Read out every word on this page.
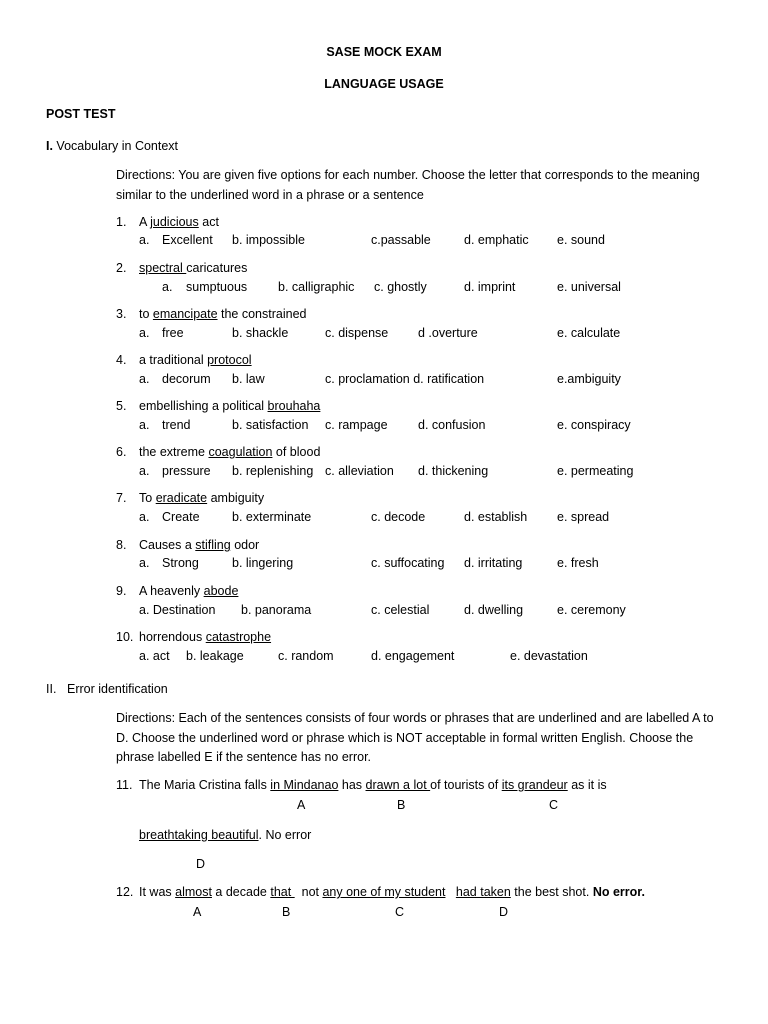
SASE MOCK EXAM
LANGUAGE USAGE
POST TEST
I. Vocabulary in Context
Directions: You are given five options for each number. Choose the letter that corresponds to the meaning similar to the underlined word in a phrase or a sentence
1. A judicious act
a. Excellent b. impossible	c.passable	d. emphatic e. sound
2. spectral caricatures
a. sumptuous b. calligraphic c. ghostly	d. imprint	e. universal
3. to emancipate the constrained
a. free	b. shackle	c. dispense d .overture	e. calculate
4. a traditional protocol
a. decorum b. law	c. proclamation d. ratification	e.ambiguity
5. embellishing a political brouhaha
a. trend	b. satisfaction c. rampage d. confusion	e. conspiracy
6. the extreme coagulation of blood
a. pressure b. replenishing c. alleviation d. thickening	e. permeating
7. To eradicate ambiguity
a. Create	b. exterminate	c. decode	d. establish e. spread
8. Causes a stifling odor
a. Strong	b. lingering	c. suffocating d. irritating	e. fresh
9. A heavenly abode
a. Destination b. panorama	c. celestial	d. dwelling	e. ceremony
10. horrendous catastrophe
a. act b. leakage	c. random	d. engagement	e. devastation
II. Error identification
Directions: Each of the sentences consists of four words or phrases that are underlined and are labelled A to D. Choose the underlined word or phrase which is NOT acceptable in formal written English. Choose the phrase labelled E if the sentence has no error.
11. The Maria Cristina falls in Mindanao has drawn a lot of tourists of its grandeur as it is
A	B	C
breathtaking beautiful. No error
D
12. It was almost a decade that   not any one of my student had taken the best shot. No error.
A	B	C	D
